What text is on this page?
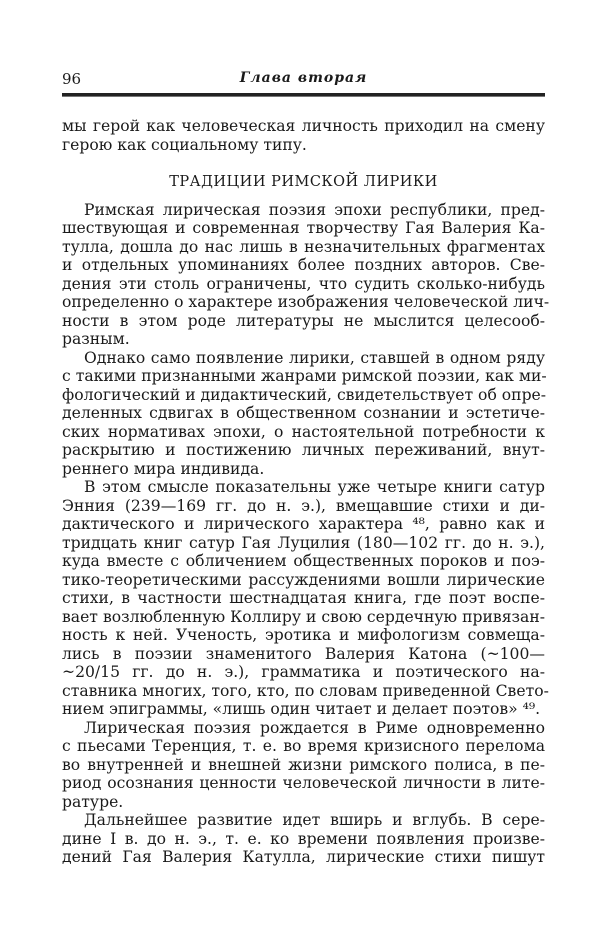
96	Глава вторая
мы герой как человеческая личность приходил на смену
герою как социальному типу.
ТРАДИЦИИ РИМСКОЙ ЛИРИКИ
Римская лирическая поэзия эпохи республики, пред-
шествующая и современная творчеству Гая Валерия Ка-
тулла, дошла до нас лишь в незначительных фрагментах
и отдельных упоминаниях более поздних авторов. Све-
дения эти столь ограничены, что судить сколько-нибудь
определенно о характере изображения человеческой лич-
ности в этом роде литературы не мыслится целесооб-
разным.
Однако само появление лирики, ставшей в одном ряду
с такими признанными жанрами римской поэзии, как ми-
фологический и дидактический, свидетельствует об опре-
деленных сдвигах в общественном сознании и эстетиче-
ских нормативах эпохи, о настоятельной потребности к
раскрытию и постижению личных переживаний, внут-
реннего мира индивида.
В этом смысле показательны уже четыре книги сатур
Энния (239—169 гг. до н. э.), вмещавшие стихи и ди-
дактического и лирического характера ⁴⁸, равно как и
тридцать книг сатур Гая Луцилия (180—102 гг. до н. э.),
куда вместе с обличением общественных пороков и поэ-
тико-теоретическими рассуждениями вошли лирические
стихи, в частности шестнадцатая книга, где поэт воспе-
вает возлюбленную Коллиру и свою сердечную привязан-
ность к ней. Ученость, эротика и мифологизм совмеща-
лись в поэзии знаменитого Валерия Катона (~100—
~20/15 гг. до н. э.), грамматика и поэтического на-
ставника многих, того, кто, по словам приведенной Свето-
нием эпиграммы, «лишь один читает и делает поэтов» ⁴⁹.
Лирическая поэзия рождается в Риме одновременно
с пьесами Теренция, т. е. во время кризисного перелома
во внутренней и внешней жизни римского полиса, в пе-
риод осознания ценности человеческой личности в лите-
ратуре.
Дальнейшее развитие идет вширь и вглубь. В сере-
дине I в. до н. э., т. е. ко времени появления произве-
дений Гая Валерия Катулла, лирические стихи пишут
